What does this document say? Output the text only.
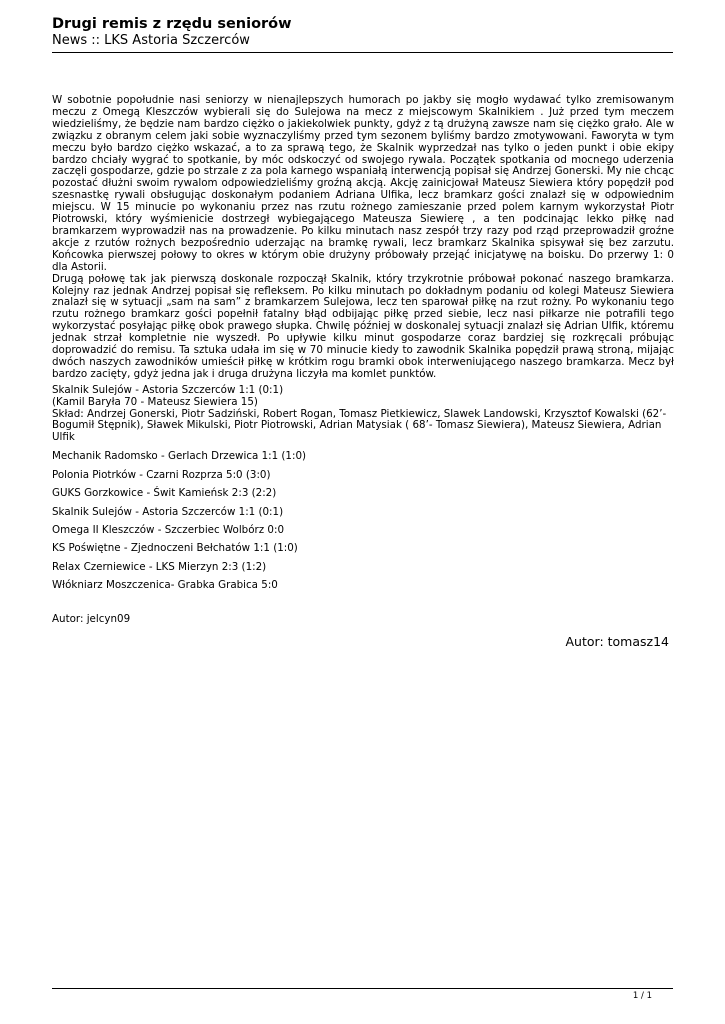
Drugi remis z rzędu seniorów

News :: LKS Astoria Szczerców

W sobotnie popołudnie nasi seniorzy w nienajlepszych humorach po jakby się mogło wydawać tylko zremisowanym meczu z Omegą Kleszczów wybierali się do Sulejowa na mecz z miejscowym Skalnikiem . Już przed tym meczem wiedzieliśmy, że będzie nam bardzo ciężko o jakiekolwiek punkty, gdyż z tą drużyną zawsze nam się ciężko grało. Ale w związku z obranym celem jaki sobie wyznaczyliśmy przed tym sezonem byliśmy bardzo zmotywowani. Faworyta w tym meczu było bardzo ciężko wskazać, a to za sprawą tego, że Skalnik wyprzedzał nas tylko o jeden punkt i obie ekipy bardzo chciały wygrać to spotkanie, by móc odskoczyć od swojego rywala. Początek spotkania od mocnego uderzenia zaczęli gospodarze, gdzie po strzale z za pola karnego wspaniałą interwencją popisał się Andrzej Gonerski. My nie chcąc pozostać dłużni swoim rywalom odpowiedzieliśmy groźną akcją. Akcję zainicjował Mateusz Siewiera który popędził pod szesnastkę rywali obsługując doskonałym podaniem Adriana Ulfika, lecz bramkarz gości znalazł się w odpowiednim miejscu. W 15 minucie po wykonaniu przez nas rzutu rożnego zamieszanie przed polem karnym wykorzystał Piotr Piotrowski, który wyśmienicie dostrzegł wybiegającego Mateusza Siewierę , a ten podcinając lekko piłkę nad bramkarzem wyprowadził nas na prowadzenie. Po kilku minutach nasz zespół trzy razy pod rząd przeprowadził groźne akcje z rzutów rożnych bezpośrednio uderzając na bramkę rywali, lecz bramkarz Skalnika spisywał się bez zarzutu. Końcowka pierwszej połowy to okres w którym obie drużyny próbowały przejąć inicjatywę na boisku. Do przerwy 1: 0 dla Astorii.

Drugą połowę tak jak pierwszą doskonale rozpoczął Skalnik, który trzykrotnie próbował pokonać naszego bramkarza. Kolejny raz jednak Andrzej popisał się refleksem. Po kilku minutach po dokładnym podaniu od kolegi Mateusz Siewiera znalazł się w sytuacji „sam na sam” z bramkarzem Sulejowa, lecz ten sparował piłkę na rzut rożny. Po wykonaniu tego rzutu rożnego bramkarz gości popełnił fatalny błąd odbijając piłkę przed siebie, lecz nasi piłkarze nie potrafili tego wykorzystać posyłając piłkę obok prawego słupka. Chwilę później w doskonalej sytuacji znalazł się Adrian Ulfik, któremu jednak strzał kompletnie nie wyszedł. Po upływie kilku minut gospodarze coraz bardziej się rozkręcali próbując doprowadzić do remisu. Ta sztuka udała im się w 70 minucie kiedy to zawodnik Skalnika popędził prawą stroną, mijając dwóch naszych zawodników umieścił piłkę w krótkim rogu bramki obok interweniującego naszego bramkarza. Mecz był bardzo zacięty, gdyż jedna jak i druga drużyna liczyła ma komlet punktów.

Skalnik Sulejów - Astoria Szczerców 1:1 (0:1)

(Kamil Baryła 70 - Mateusz Siewiera 15)

Skład: Andrzej Gonerski, Piotr Sadziński, Robert Rogan, Tomasz Pietkiewicz, Slawek Landowski, Krzysztof Kowalski (62’- Bogumił Stępnik), Sławek Mikulski, Piotr Piotrowski, Adrian Matysiak ( 68’- Tomasz Siewiera), Mateusz Siewiera, Adrian Ulfik

Mechanik Radomsko - Gerlach Drzewica 1:1 (1:0)

Polonia Piotrków - Czarni Rozprza 5:0 (3:0)

GUKS Gorzkowice - Świt Kamieńsk 2:3 (2:2)

Skalnik Sulejów - Astoria Szczerców 1:1 (0:1)

Omega II Kleszczów - Szczerbiec Wolbórz 0:0

KS Poświętne - Zjednoczeni Bełchatów 1:1 (1:0)

Relax Czerniewice - LKS Mierzyn 2:3 (1:2)

Włókniarz Moszczenica- Grabka Grabica 5:0

Autor: jelcyn09

Autor: tomasz14
1 / 1
